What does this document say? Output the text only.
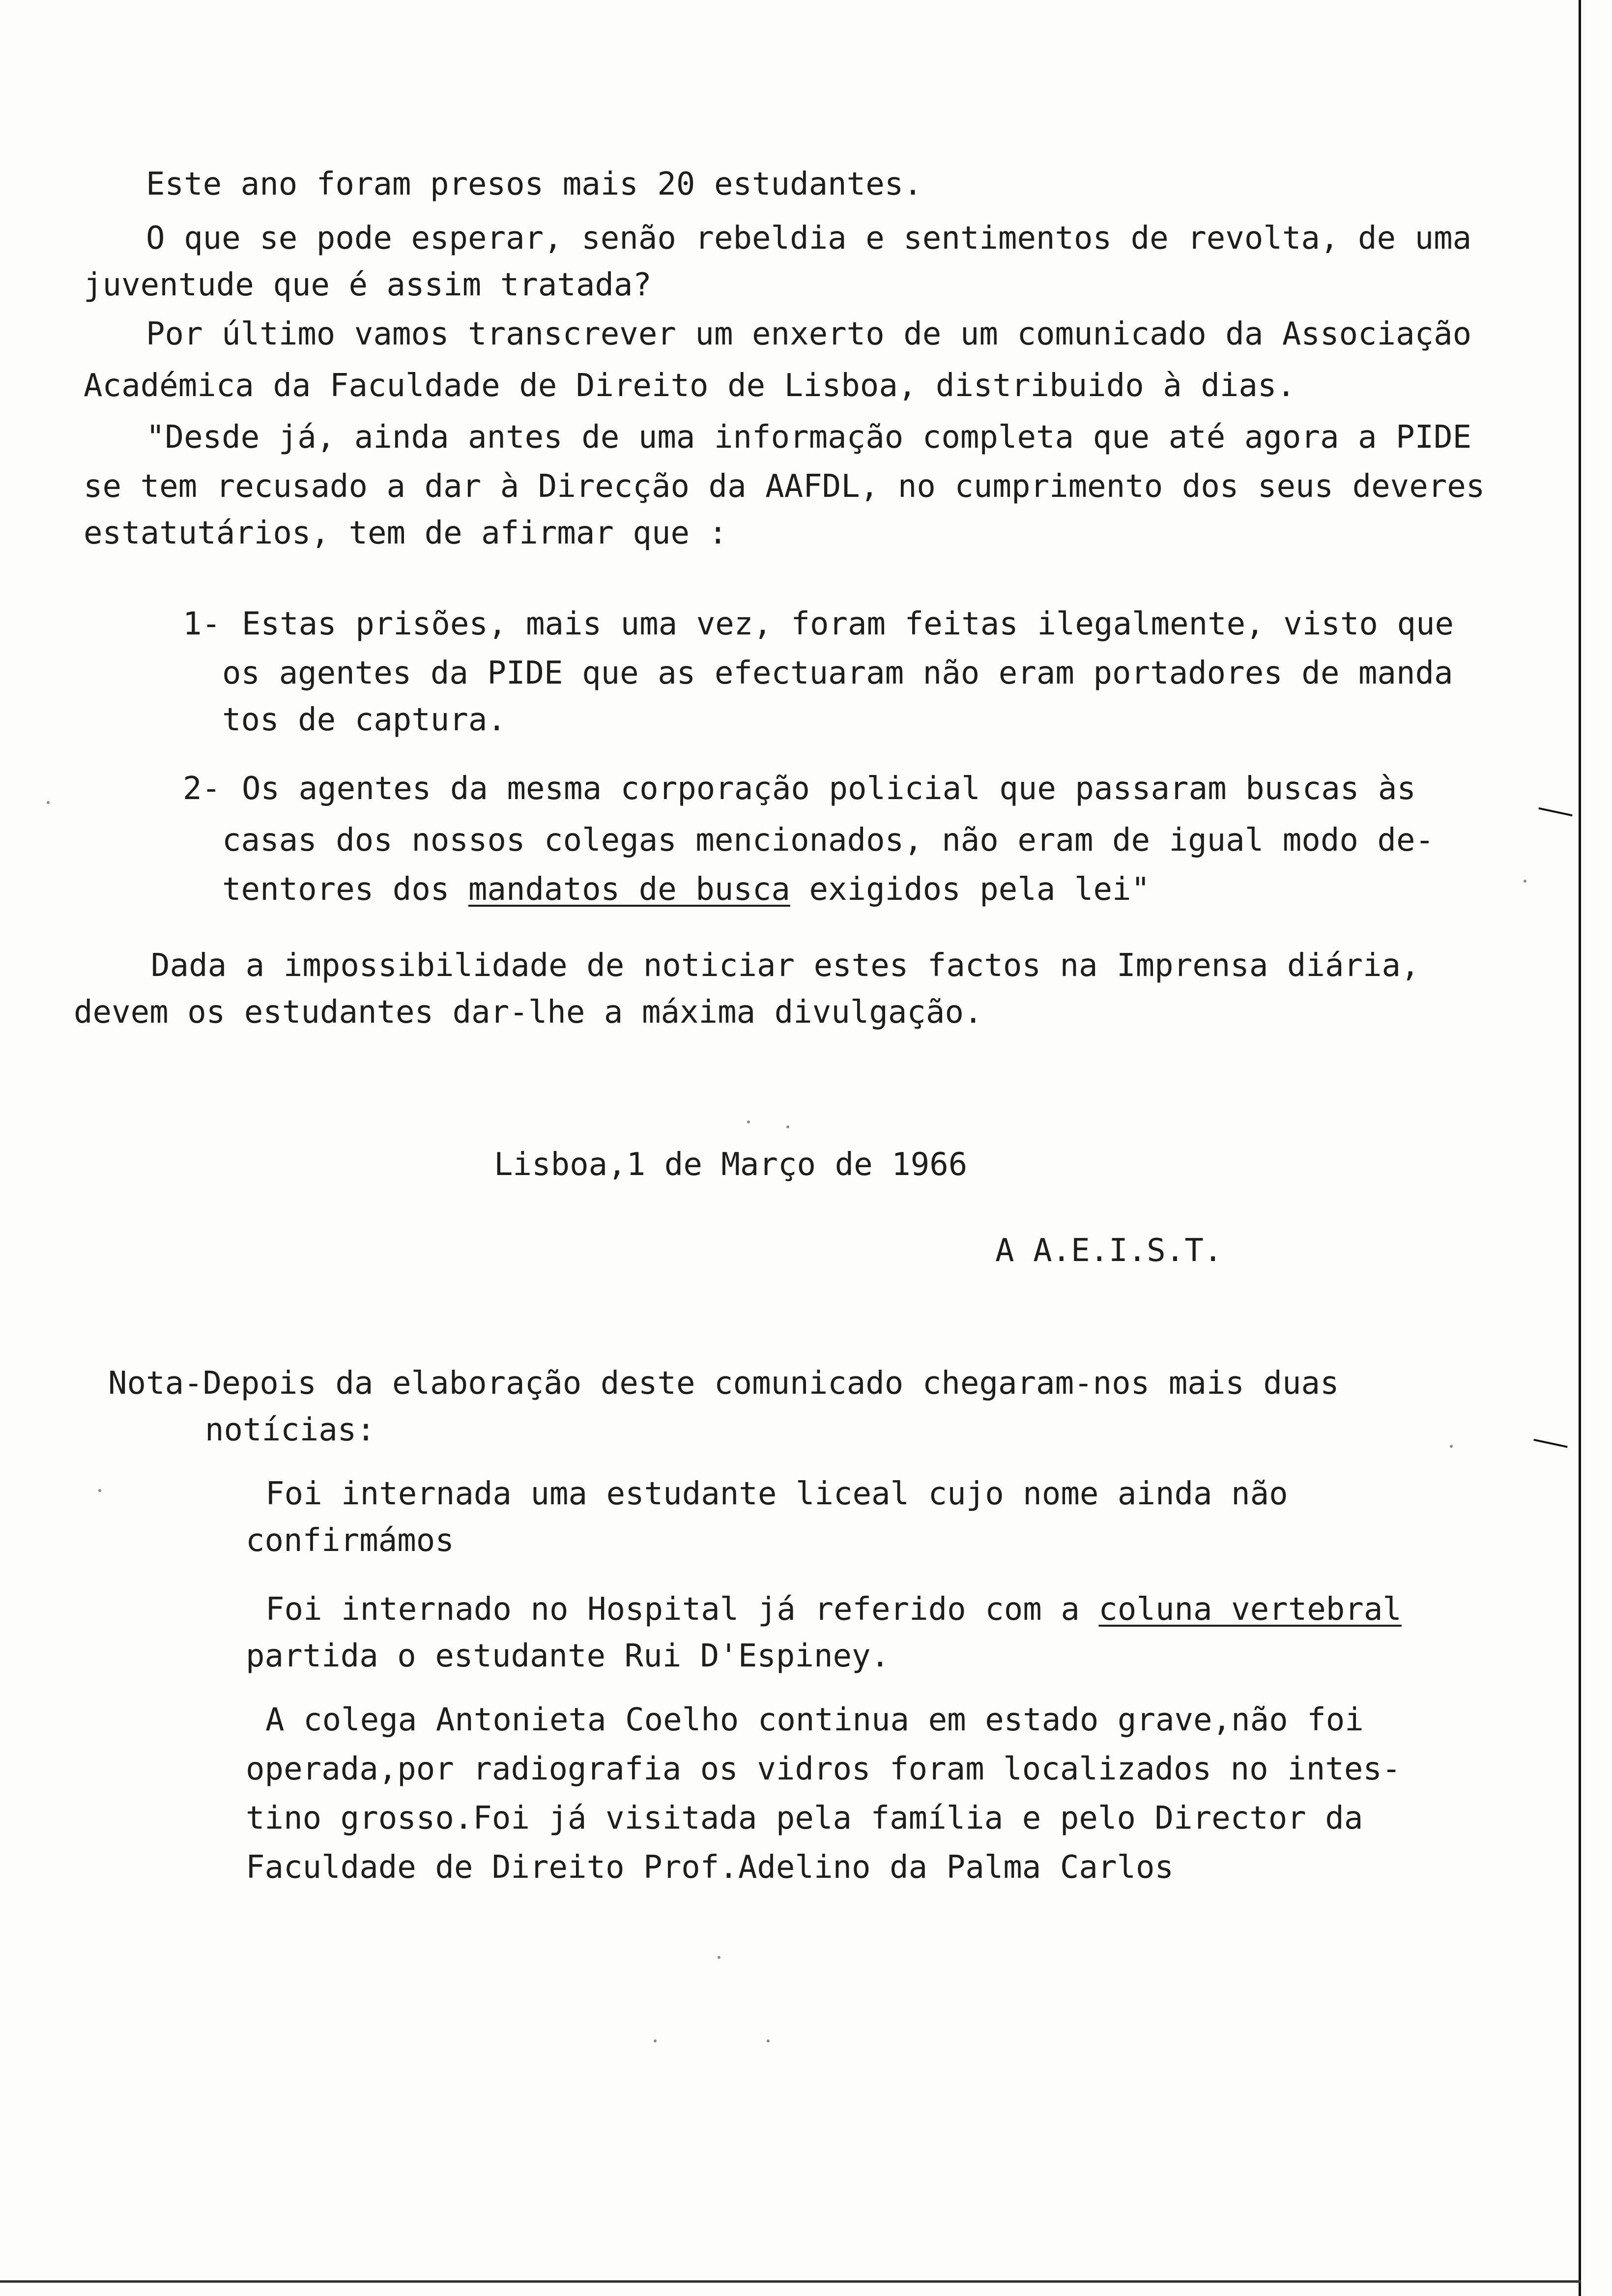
Este ano foram presos mais 20 estudantes.

O que se pode esperar, senão rebeldia e sentimentos de revolta, de uma

juventude que é assim tratada?

Por último vamos transcrever um enxerto de um comunicado da Associação

Académica da Faculdade de Direito de Lisboa, distribuido à dias.

"Desde já, ainda antes de uma informação completa que até agora a PIDE

se tem recusado a dar à Direcção da AAFDL, no cumprimento dos seus deveres

estatutários, tem de afirmar que :

1- Estas prisões, mais uma vez, foram feitas ilegalmente, visto que

os agentes da PIDE que as efectuaram não eram portadores de manda

tos de captura.

2- Os agentes da mesma corporação policial que passaram buscas às

casas dos nossos colegas mencionados, não eram de igual modo de-

tentores dos mandatos de busca exigidos pela lei"

Dada a impossibilidade de noticiar estes factos na Imprensa diária,

devem os estudantes dar-lhe a máxima divulgação.

Lisboa,1 de Março de 1966

A A.E.I.S.T.

Nota-Depois da elaboração deste comunicado chegaram-nos mais duas

notícias:

Foi internada uma estudante liceal cujo nome ainda não

confirmámos

Foi internado no Hospital já referido com a coluna vertebral

partida o estudante Rui D'Espiney.

A colega Antonieta Coelho continua em estado grave,não foi

operada,por radiografia os vidros foram localizados no intes-

tino grosso.Foi já visitada pela família e pelo Director da

Faculdade de Direito Prof.Adelino da Palma Carlos
